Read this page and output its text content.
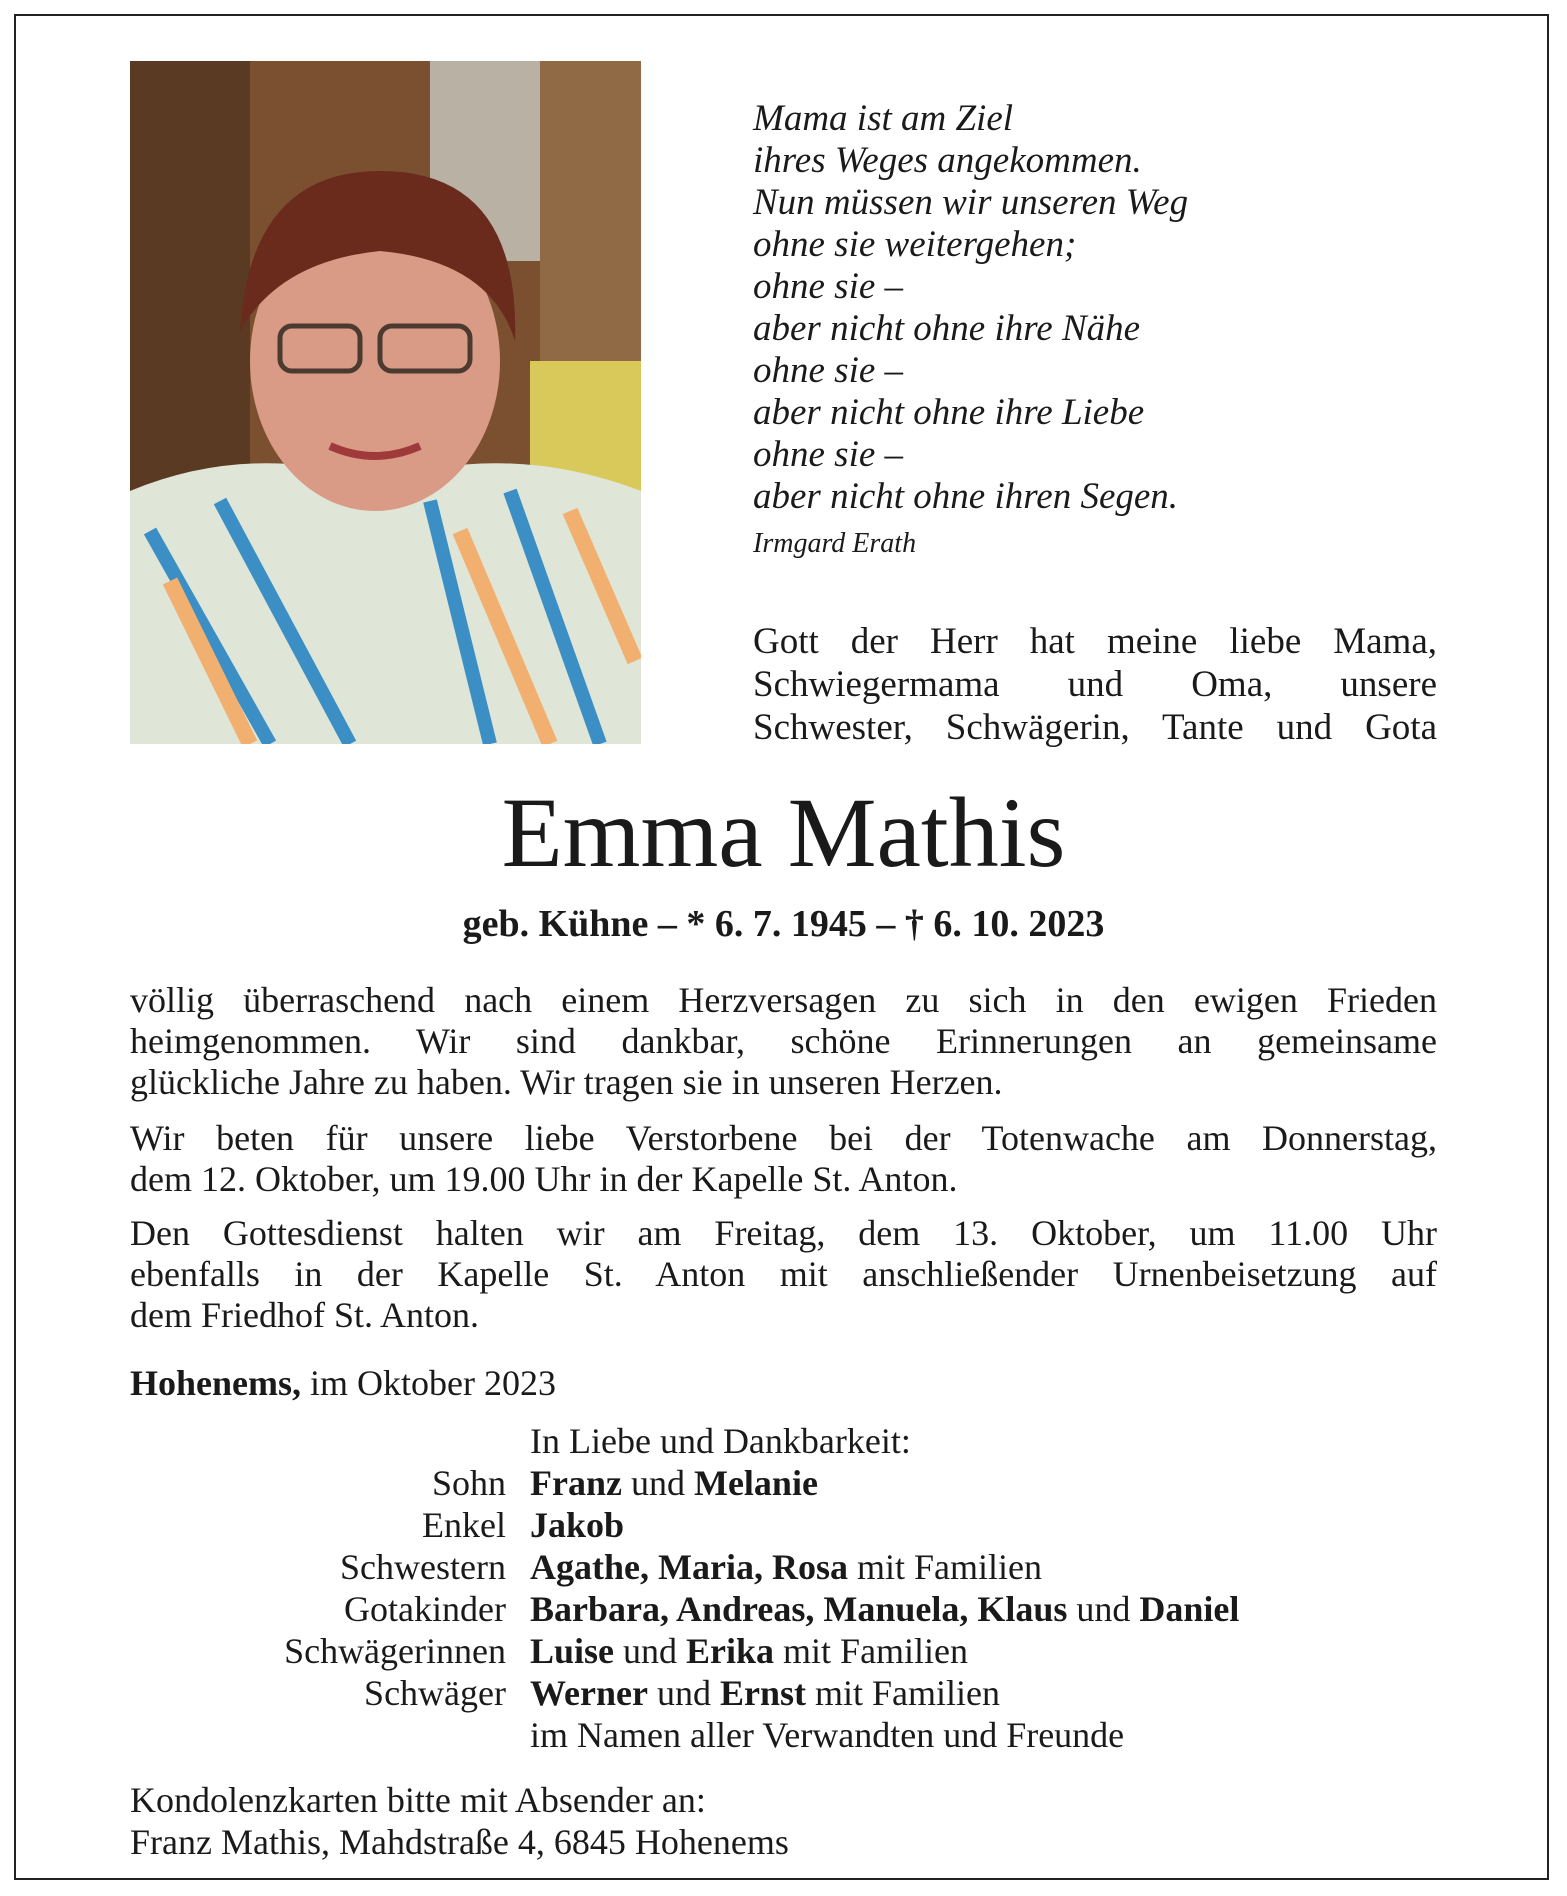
Mama ist am Ziel
ihres Weges angekommen.
Nun müssen wir unseren Weg
ohne sie weitergehen;
ohne sie –
aber nicht ohne ihre Nähe
ohne sie –
aber nicht ohne ihre Liebe
ohne sie –
aber nicht ohne ihren Segen.
Irmgard Erath
Gott der Herr hat meine liebe Mama,
Schwiegermama und Oma, unsere
Schwester, Schwägerin, Tante und Gota
Emma Mathis
geb. Kühne – * 6. 7. 1945 – † 6. 10. 2023
völlig überraschend nach einem Herzversagen zu sich in den ewigen Frieden
heimgenommen. Wir sind dankbar, schöne Erinnerungen an gemeinsame
glückliche Jahre zu haben. Wir tragen sie in unseren Herzen.
Wir beten für unsere liebe Verstorbene bei der Totenwache am Donnerstag,
dem 12. Oktober, um 19.00 Uhr in der Kapelle St. Anton.
Den Gottesdienst halten wir am Freitag, dem 13. Oktober, um 11.00 Uhr
ebenfalls in der Kapelle St. Anton mit anschließender Urnenbeisetzung auf
dem Friedhof St. Anton.
Hohenems, im Oktober 2023
In Liebe und Dankbarkeit:
Sohn Franz und Melanie
Enkel Jakob
Schwestern Agathe, Maria, Rosa mit Familien
Gotakinder Barbara, Andreas, Manuela, Klaus und Daniel
Schwägerinnen Luise und Erika mit Familien
Schwäger Werner und Ernst mit Familien
im Namen aller Verwandten und Freunde
Kondolenzkarten bitte mit Absender an:
Franz Mathis, Mahdstraße 4, 6845 Hohenems
